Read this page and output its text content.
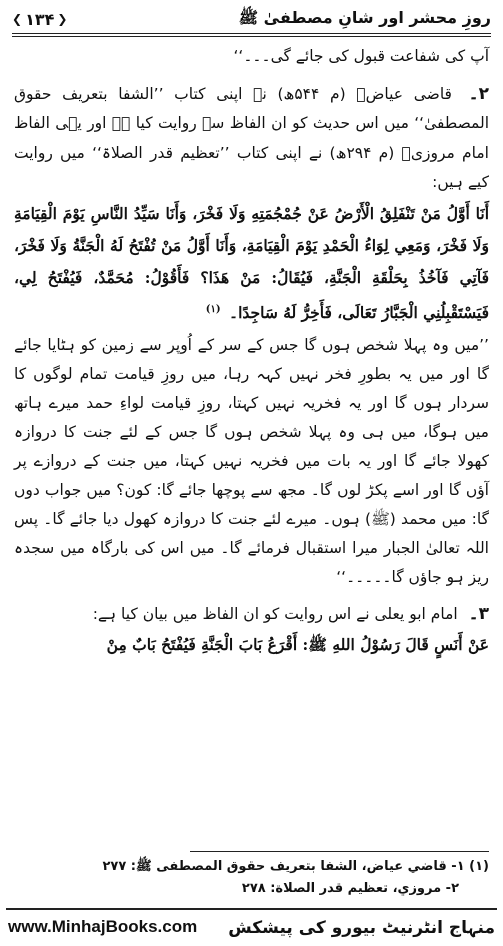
❮ ۱۳۴ ❯	روزِ محشر اور شانِ مصطفیٰ ﷺ

آپ کی شفاعت قبول کی جائے گی۔۔۔‘‘

۲۔ قاضی عیاضؒ (م ۵۴۴ھ) نے اپنی کتاب ’’الشفا بتعریف حقوق المصطفیٰ‘‘ میں اس حدیث کو ان الفاظ سے روایت کیا ہے اور یہی الفاظ امام مروزیؒ (م ۲۹۴ھ) نے اپنی کتاب ’’تعظیم قدر الصلاۃ‘‘ میں روایت کیے ہیں:

أَنَا أَوَّلُ مَنْ تَنْفَلِقُ الْأَرْضُ عَنْ جُمْجُمَتِهِ وَلَا فَخْرَ، وَأَنَا سَيِّدُ النَّاسِ يَوْمَ الْقِيَامَةِ وَلَا فَخْرَ، وَمَعِي لِوَاءُ الْحَمْدِ يَوْمَ الْقِيَامَةِ، وَأَنَا أَوَّلُ مَنْ تُفْتَحُ لَهُ الْجَنَّةُ وَلَا فَخْرَ، فَآتِي فَآخُذُ بِحَلْقَةِ الْجَنَّةِ، فَيُقَالُ: مَنْ هَذَا؟ فَأَقُوْلُ: مُحَمَّدٌ، فَيُفْتَحُ لِي، فَيَسْتَقْبِلُنِي الْجَبَّارُ تَعَالَى، فَأَخِرُّ لَهُ سَاجِدًا۔ $^{(۱)}$

’’میں وہ پہلا شخص ہوں گا جس کے سر کے اُوپر سے زمین کو ہٹایا جائے گا اور میں یہ بطورِ فخر نہیں کہہ رہا، میں روزِ قیامت تمام لوگوں کا سردار ہوں گا اور یہ فخریہ نہیں کہتا، روزِ قیامت لواءِ حمد میرے ہاتھ میں ہوگا، میں ہی وہ پہلا شخص ہوں گا جس کے لئے جنت کا دروازہ کھولا جائے گا اور یہ بات میں فخریہ نہیں کہتا، میں جنت کے دروازے پر آؤں گا اور اسے پکڑ لوں گا۔ مجھ سے پوچھا جائے گا: کون؟ میں جواب دوں گا: میں محمد (ﷺ) ہوں۔ میرے لئے جنت کا دروازہ کھول دیا جائے گا۔ پس اللہ تعالیٰ الجبار میرا استقبال فرمائے گا۔ میں اس کی بارگاہ میں سجدہ ریز ہو جاؤں گا۔۔۔۔۔‘‘

۳۔ امام ابو یعلی نے اس روایت کو ان الفاظ میں بیان کیا ہے:

عَنْ أَنَسٍ قَالَ رَسُوْلُ اللهِ ﷺ: أَقْرَعُ بَابَ الْجَنَّةِ فَيُفْتَحُ بَابٌ مِنْ

(۱) ۱- قاضي عياض، الشفا بتعريف حقوق المصطفى ﷺ: ۲۷۷

۲- مروزي، تعظيم قدر الصلاة: ۲۷۸

www.MinhajBooks.com منہاج انٹرنیٹ بیورو کی پیشکش
